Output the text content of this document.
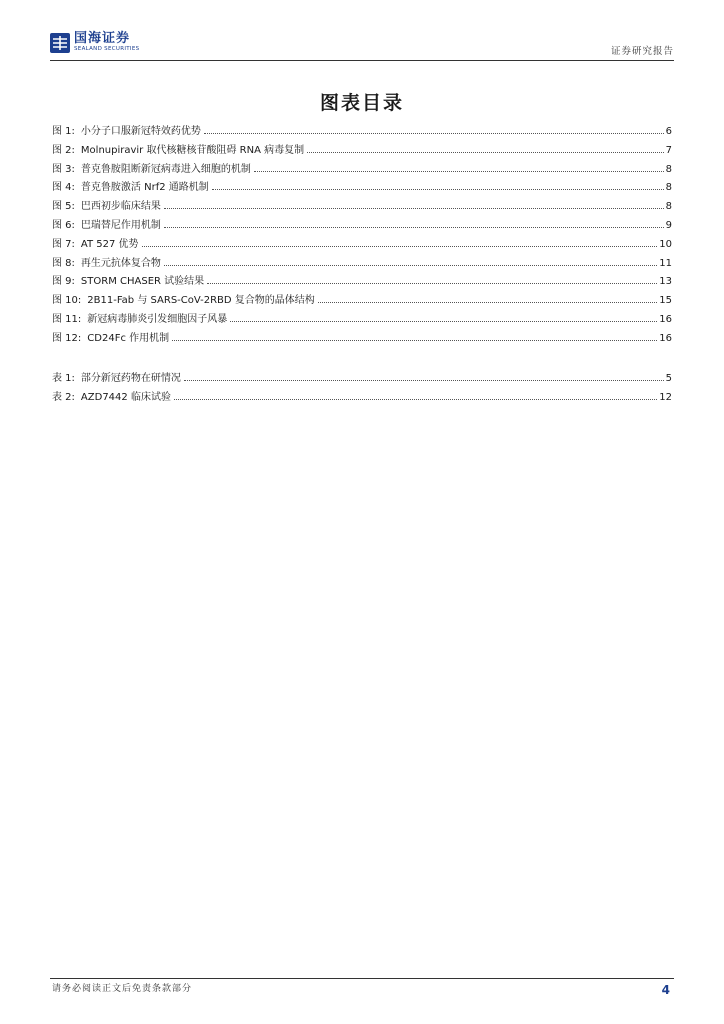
国海证券
SEALAND SECURITIES	证券研究报告
图表目录
图 1: 小分子口服新冠特效药优势	6
图 2: Molnupiravir 取代核糖核苷酸阻碍 RNA 病毒复制	7
图 3: 普克鲁胺阻断新冠病毒进入细胞的机制	8
图 4: 普克鲁胺激活 Nrf2 通路机制	8
图 5: 巴西初步临床结果	8
图 6: 巴瑞替尼作用机制	9
图 7: AT 527 优势	10
图 8: 再生元抗体复合物	11
图 9: STORM CHASER 试验结果	13
图 10: 2B11-Fab 与 SARS-CoV-2RBD 复合物的晶体结构	15
图 11: 新冠病毒肺炎引发细胞因子风暴	16
图 12: CD24Fc 作用机制	16
表 1: 部分新冠药物在研情况	5
表 2: AZD7442 临床试验	12
请务必阅读正文后免责条款部分	4
